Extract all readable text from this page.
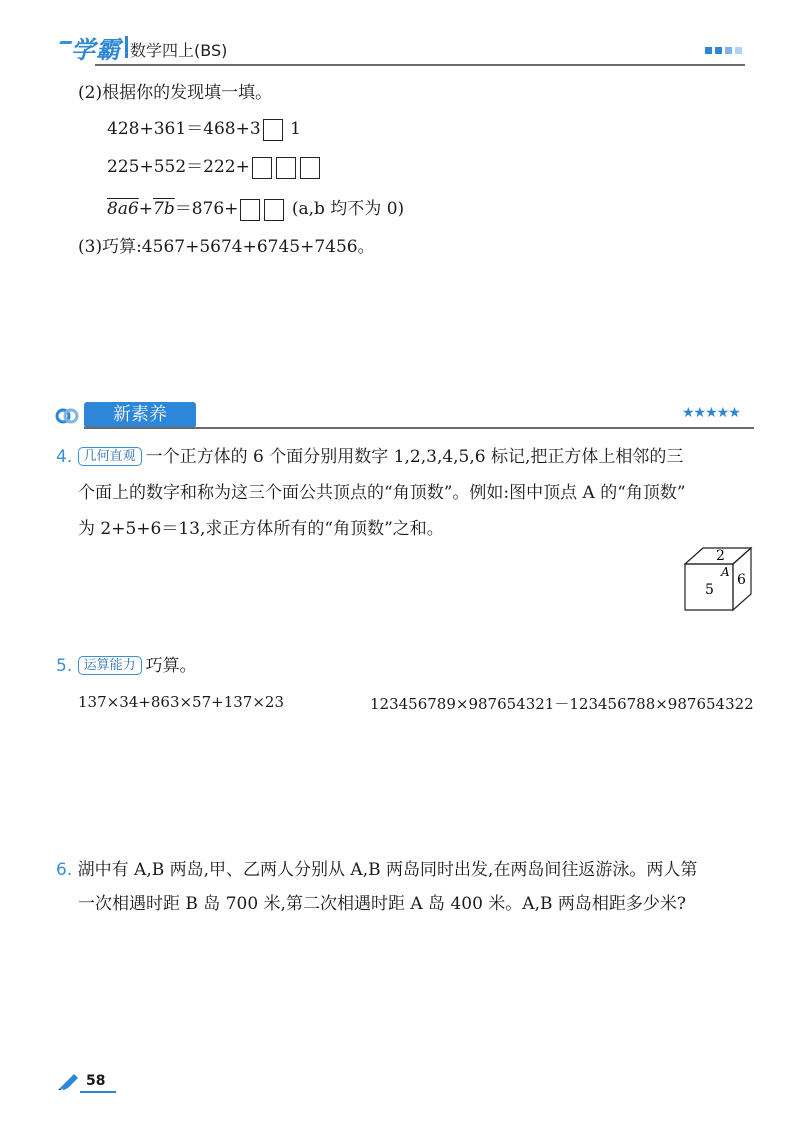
学霸 数学四上(BS)
(2)根据你的发现填一填。
428+361＝468+3 1
225+552＝222+
8a6+7b＝876+	(a,b 均不为 0)
(3)巧算:4567+5674+6745+7456。
新素养	★★★★★
4. 几何直观 一个正方体的 6 个面分别用数字 1,2,3,4,5,6 标记,把正方体上相邻的三
个面上的数字和称为这三个面公共顶点的“角顶数”。例如:图中顶点 A 的“角顶数”
为 2+5+6＝13,求正方体所有的“角顶数”之和。
2
5
6
A
5. 运算能力 巧算。
137×34+863×57+137×23	123456789×987654321－123456788×987654322
6. 湖中有 A,B 两岛,甲、乙两人分别从 A,B 两岛同时出发,在两岛间往返游泳。两人第
一次相遇时距 B 岛 700 米,第二次相遇时距 A 岛 400 米。A,B 两岛相距多少米?
58
